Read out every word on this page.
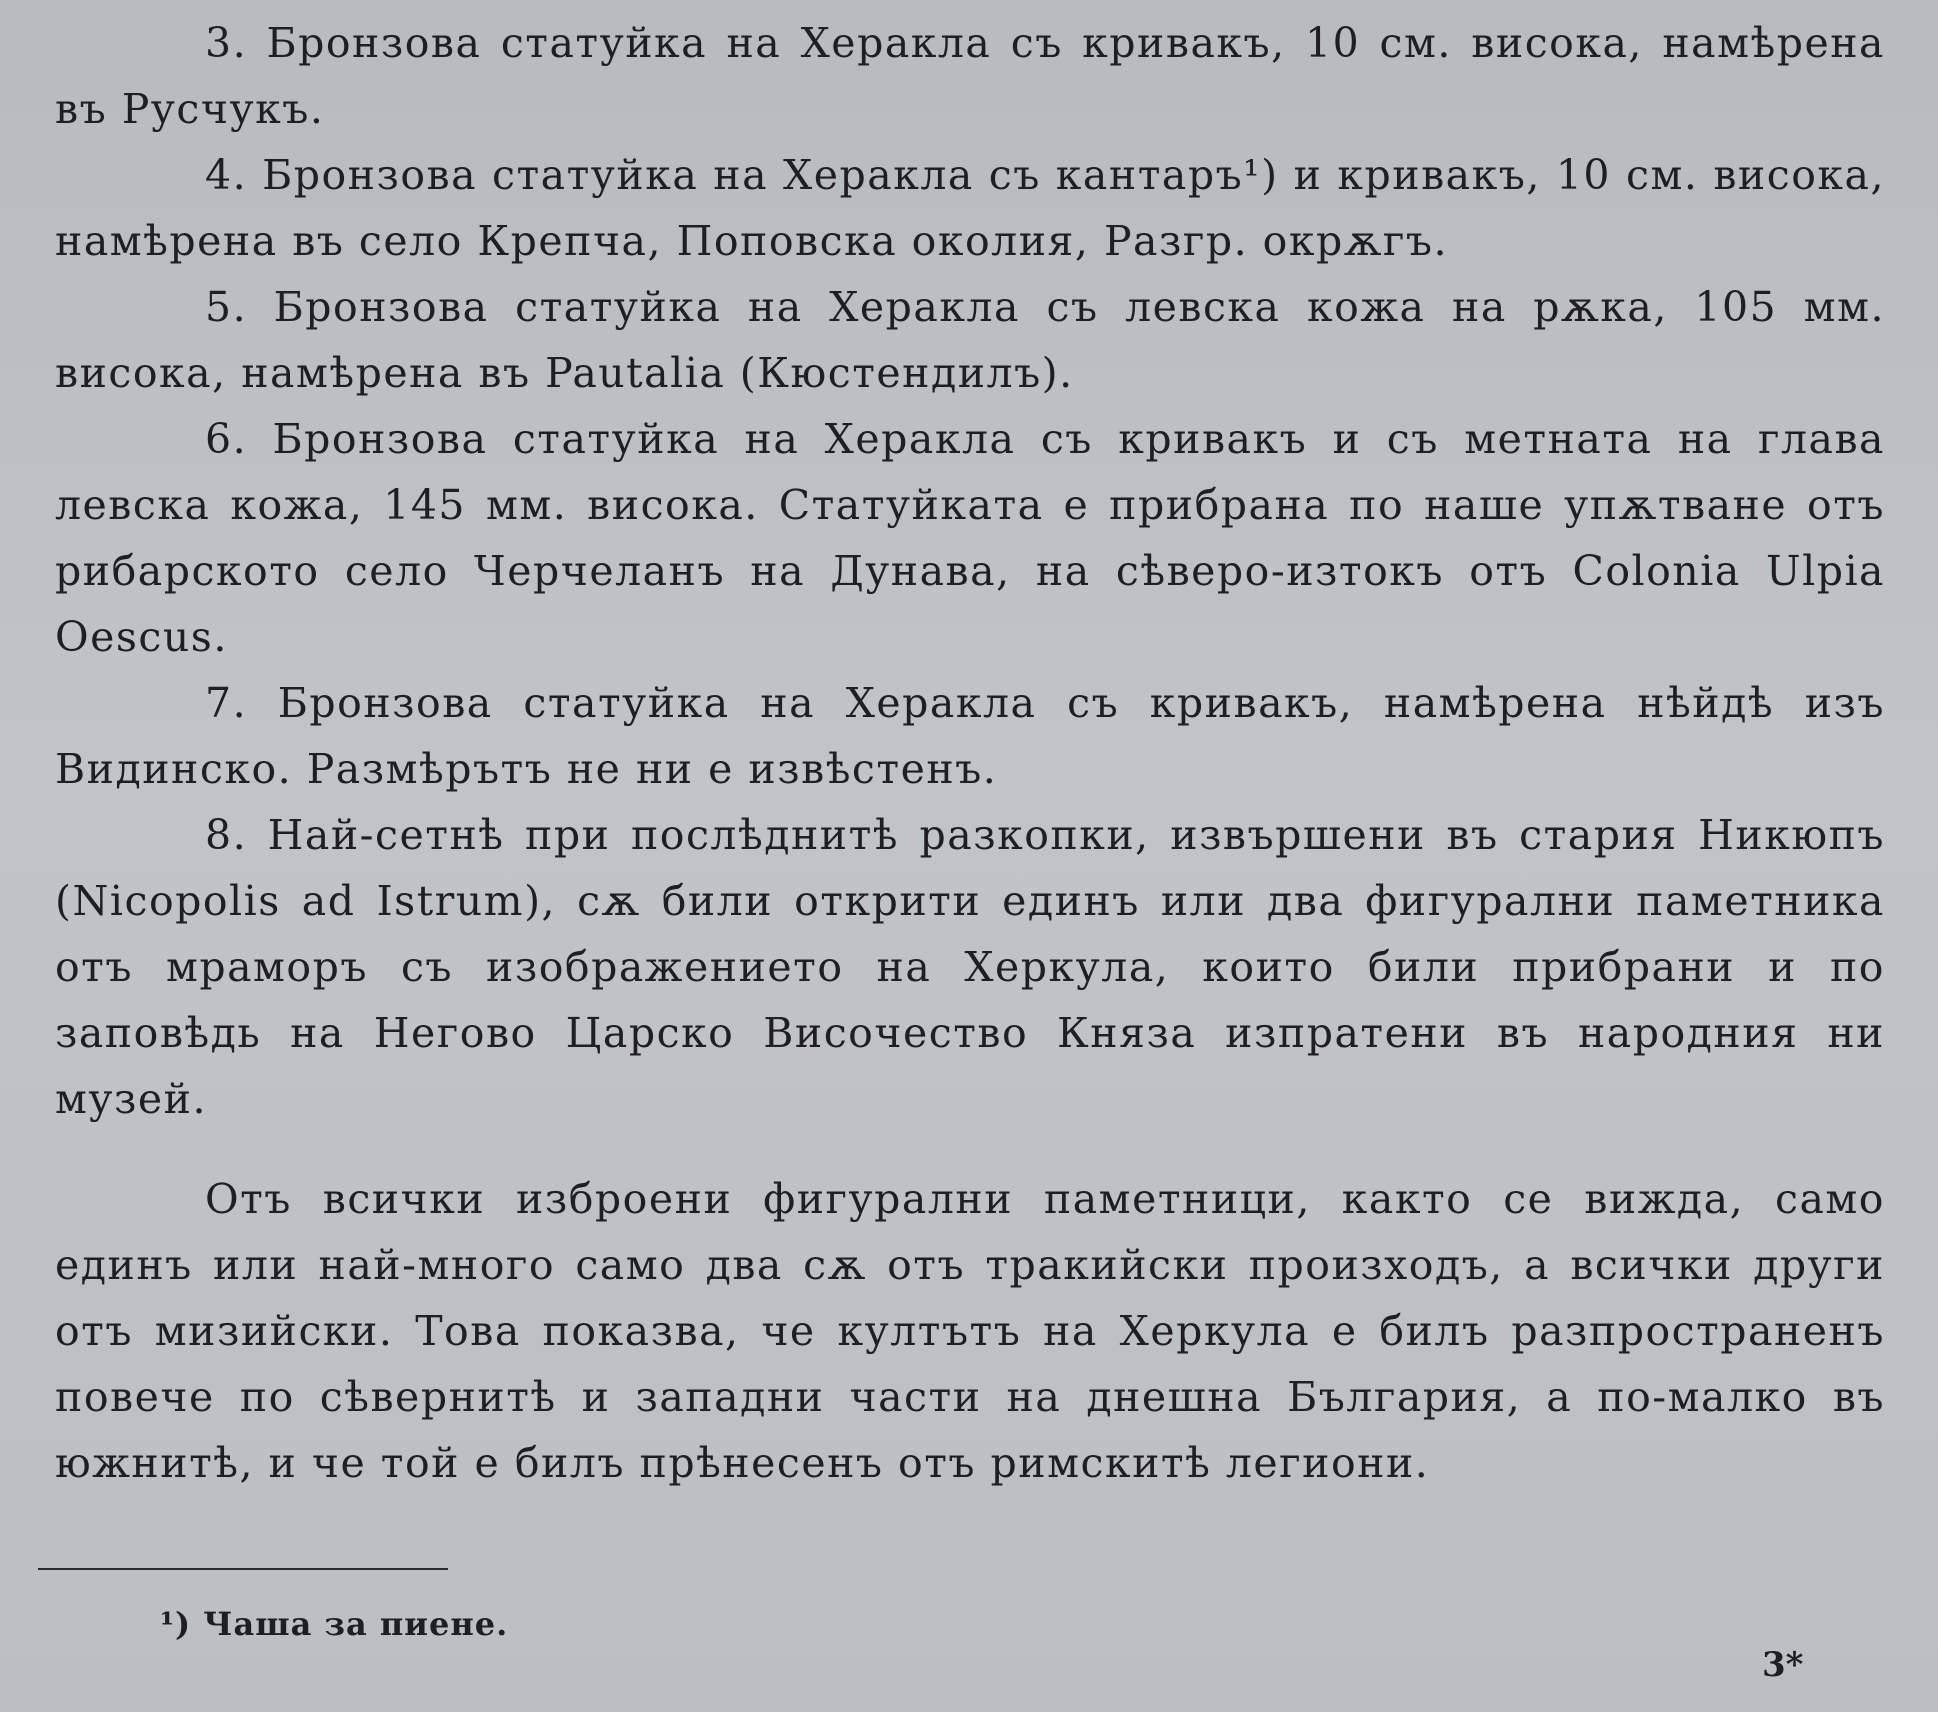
3. Бронзова статуйка на Херакла съ кривакъ, 10 см. висока, намѣрена въ Русчукъ.

4. Бронзова статуйка на Херакла съ кантаръ¹) и кривакъ, 10 см. висока, намѣрена въ село Крепча, Поповска околия, Разгр. окрѫгъ.

5. Бронзова статуйка на Херакла съ левска кожа на рѫка, 105 мм. висока, намѣрена въ Pautalia (Кюстендилъ).

6. Бронзова статуйка на Херакла съ кривакъ и съ метната на глава левска кожа, 145 мм. висока. Статуйката е прибрана по наше упѫтване отъ рибарското село Черчеланъ на Дунава, на сѣверо-изтокъ отъ Colonia Ulpia Oescus.

7. Бронзова статуйка на Херакла съ кривакъ, намѣрена нѣйдѣ изъ Видинско. Размѣрътъ не ни е извѣстенъ.

8. Най-сетнѣ при послѣднитѣ разкопки, извършени въ стария Никюпъ (Nicopolis ad Istrum), сѫ били открити единъ или два фигурални паметника отъ мраморъ съ изображението на Херкула, които били прибрани и по заповѣдь на Негово Царско Височество Княза изпратени въ народния ни музей.

Отъ всички изброени фигурални паметници, както се вижда, само единъ или най-много само два сѫ отъ тракийски произходъ, а всички други отъ мизийски. Това показва, че култътъ на Херкула е билъ разпространенъ повече по сѣвернитѣ и западни части на днешна България, а по-малко въ южнитѣ, и че той е билъ прѣнесенъ отъ римскитѣ легиони.

¹) Чаша за пиене.
3*
